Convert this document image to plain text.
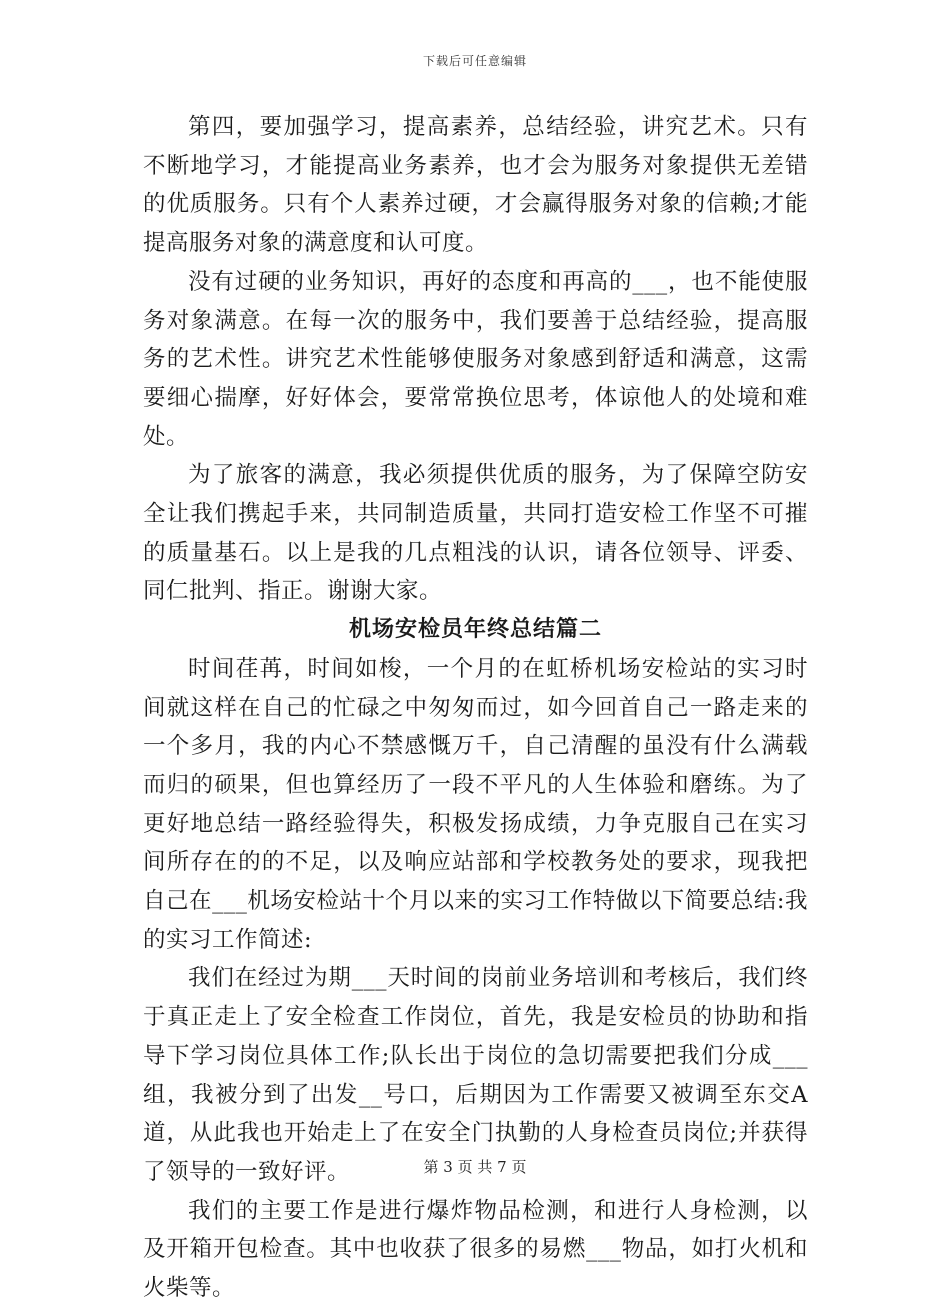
下载后可任意编辑

第四，要加强学习，提高素养，总结经验，讲究艺术。只有不断地学习，才能提高业务素养，也才会为服务对象提供无差错的优质服务。只有个人素养过硬，才会赢得服务对象的信赖;才能提高服务对象的满意度和认可度。

没有过硬的业务知识，再好的态度和再高的___，也不能使服务对象满意。在每一次的服务中，我们要善于总结经验，提高服务的艺术性。讲究艺术性能够使服务对象感到舒适和满意，这需要细心揣摩，好好体会，要常常换位思考，体谅他人的处境和难处。

为了旅客的满意，我必须提供优质的服务，为了保障空防安全让我们携起手来，共同制造质量，共同打造安检工作坚不可摧的质量基石。以上是我的几点粗浅的认识，请各位领导、评委、同仁批判、指正。谢谢大家。

机场安检员年终总结篇二

时间荏苒，时间如梭，一个月的在虹桥机场安检站的实习时间就这样在自己的忙碌之中匆匆而过，如今回首自己一路走来的一个多月，我的内心不禁感慨万千，自己清醒的虽没有什么满载而归的硕果，但也算经历了一段不平凡的人生体验和磨练。为了更好地总结一路经验得失，积极发扬成绩，力争克服自己在实习间所存在的的不足，以及响应站部和学校教务处的要求，现我把自己在___机场安检站十个月以来的实习工作特做以下简要总结:我的实习工作简述:

我们在经过为期___天时间的岗前业务培训和考核后，我们终于真正走上了安全检查工作岗位，首先，我是安检员的协助和指导下学习岗位具体工作;队长出于岗位的急切需要把我们分成___组，我被分到了出发__号口，后期因为工作需要又被调至东交A道，从此我也开始走上了在安全门执勤的人身检查员岗位;并获得了领导的一致好评。

我们的主要工作是进行爆炸物品检测，和进行人身检测，以及开箱开包检查。其中也收获了很多的易燃___物品，如打火机和火柴等。

第 3 页 共 7 页
